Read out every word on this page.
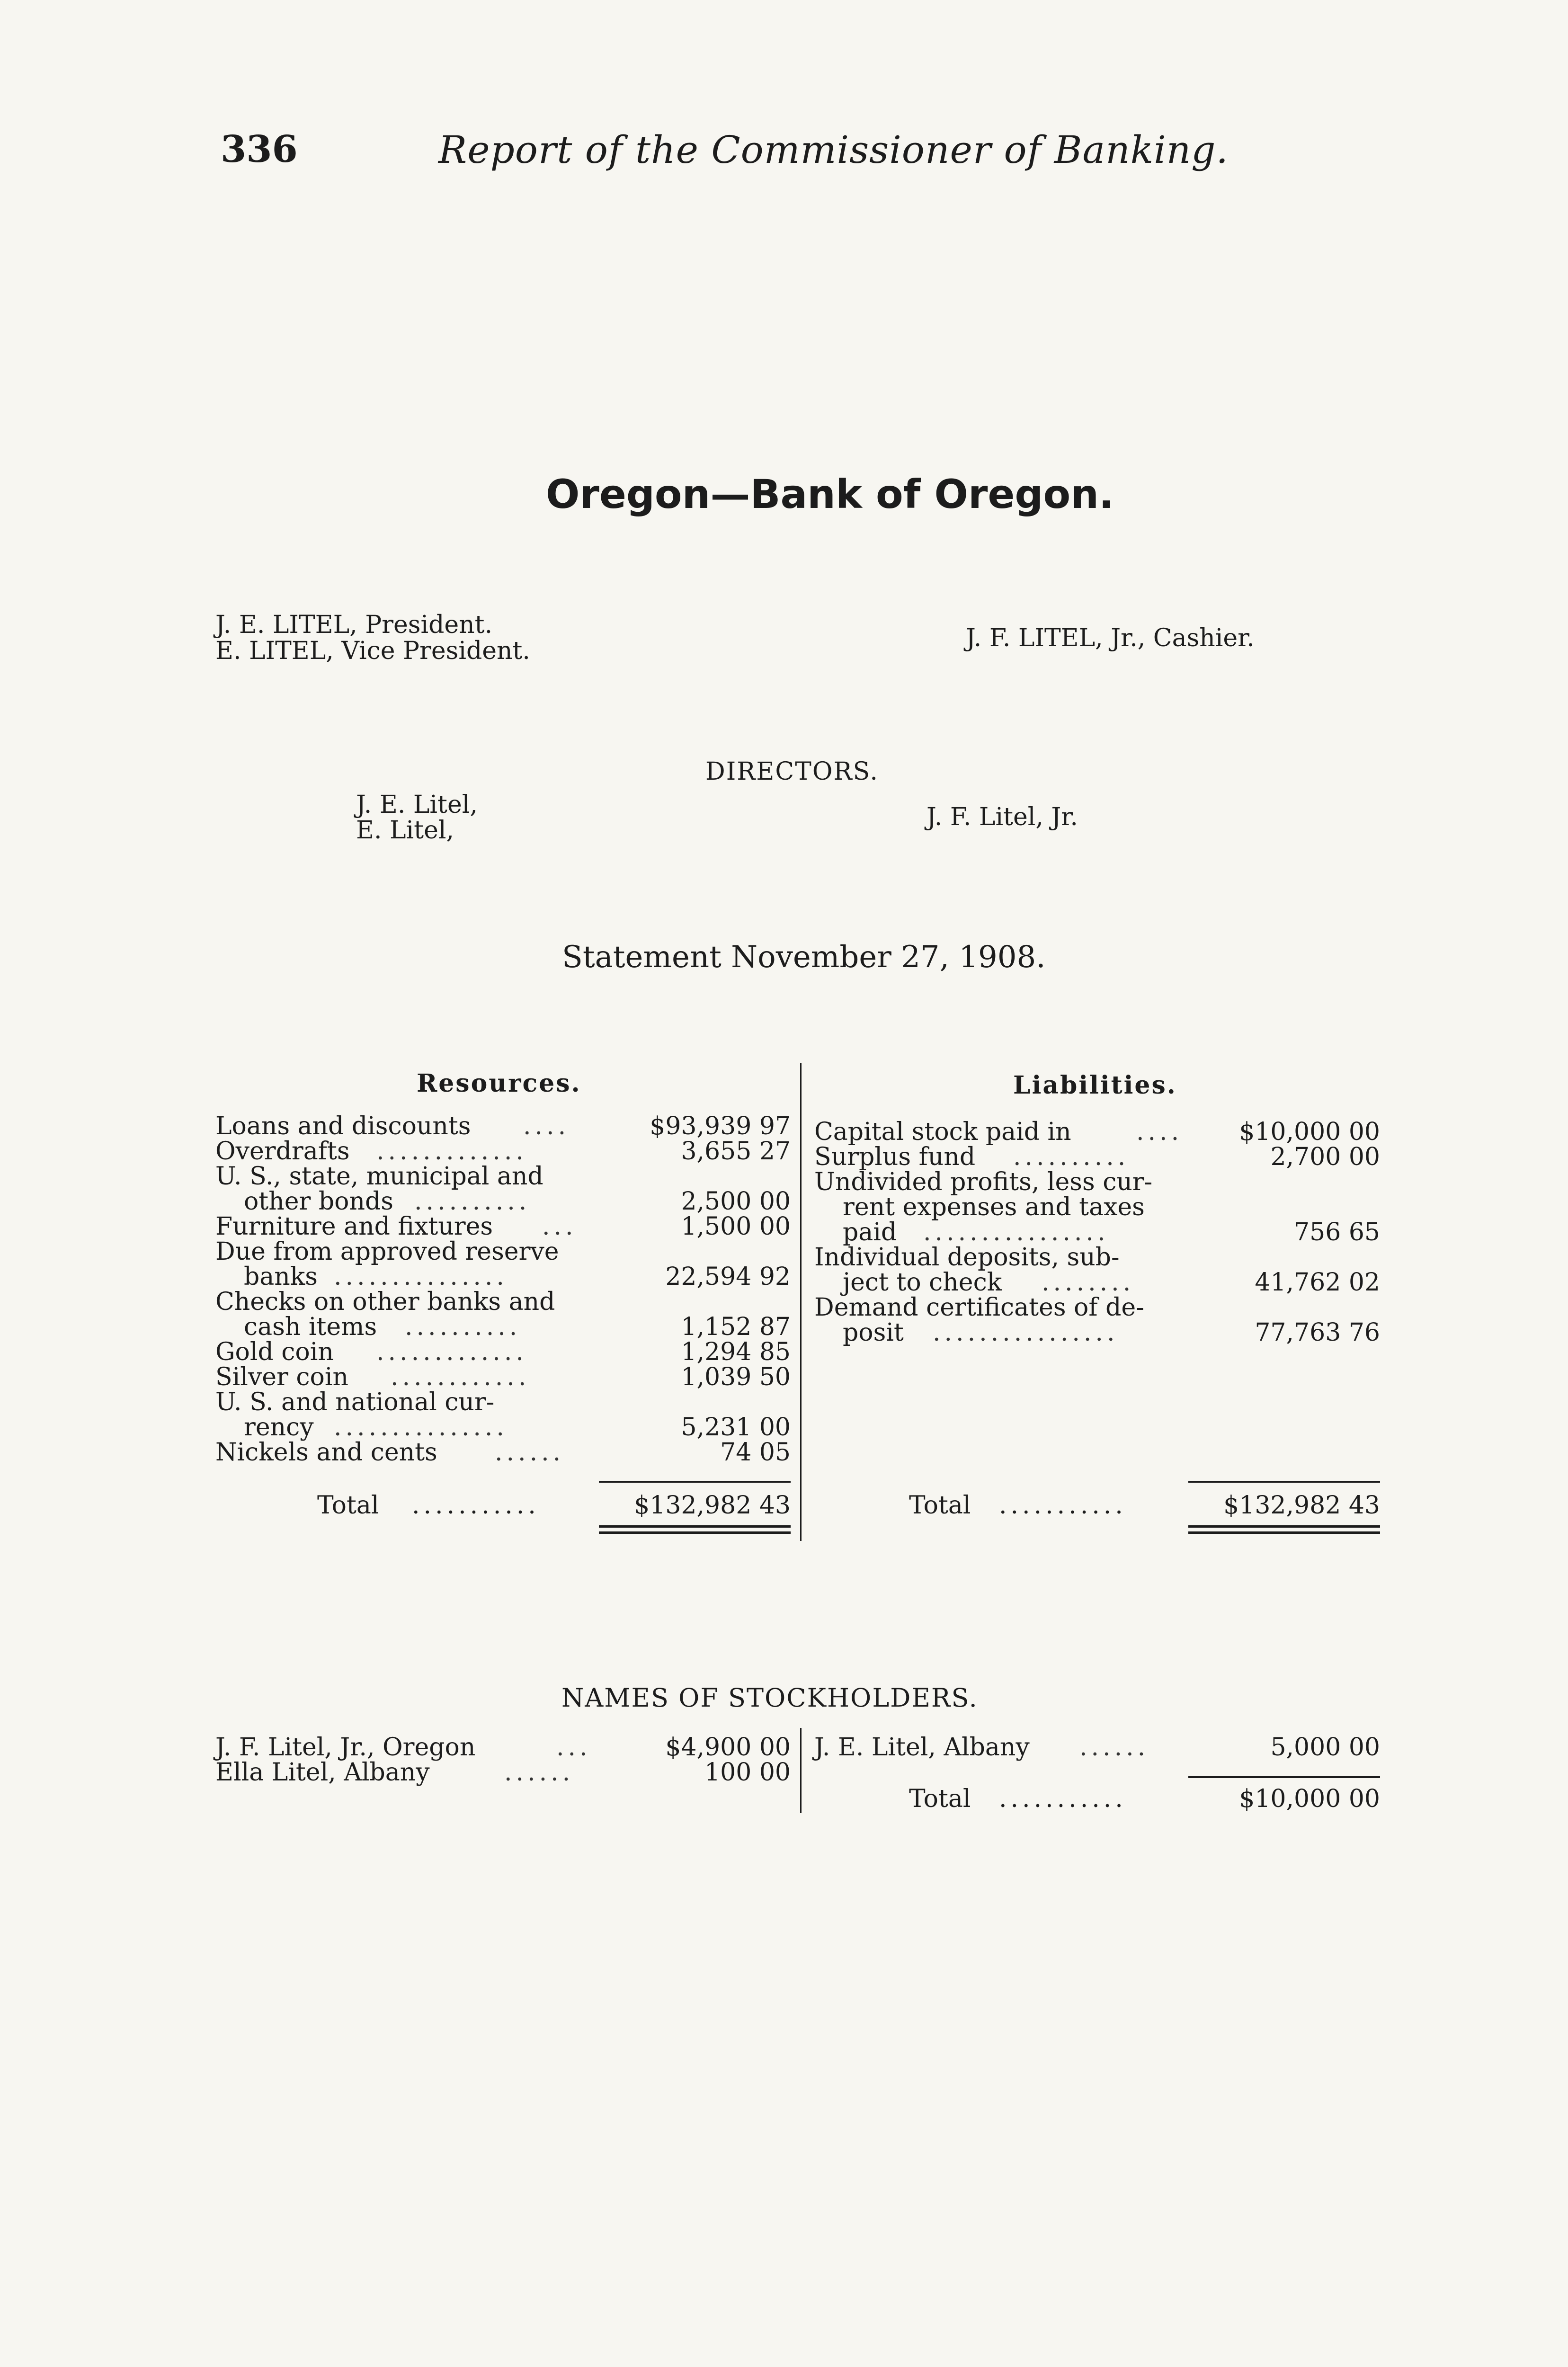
336	Report of the Commissioner of Banking.
Oregon—Bank of Oregon.
J. E. LITEL, President.
E. LITEL, Vice President.	J. F. LITEL, Jr., Cashier.
DIRECTORS.
J. E. Litel,
E. Litel,	J. F. Litel, Jr.
Statement November 27, 1908.
Resources.	Liabilities.
Loans and discounts ....	$93,939 97
Overdrafts .............	3,655 27
U. S., state, municipal and
other bonds ..........	2,500 00
Furniture and fixtures ...	1,500 00
Due from approved reserve
banks ...............	22,594 92
Checks on other banks and
cash items ..........	1,152 87
Gold coin .............	1,294 85
Silver coin ............	1,039 50
U. S. and national cur-
rency ...............	5,231 00
Nickels and cents ......	74 05
Total ...........	$132,982 43
Capital stock paid in	....	$10,000 00
Surplus fund ..........	2,700 00
Undivided profits, less cur-
rent expenses and taxes
paid ................	756 65
Individual deposits, sub-
ject to check ........	41,762 02
Demand certificates of de-
posit ................	77,763 76
Total ...........	$132,982 43
NAMES OF STOCKHOLDERS.
J. F. Litel, Jr., Oregon	...	$4,900 00
Ella Litel, Albany	......	100 00
J. E. Litel, Albany ......	5,000 00
Total ...........	$10,000 00
